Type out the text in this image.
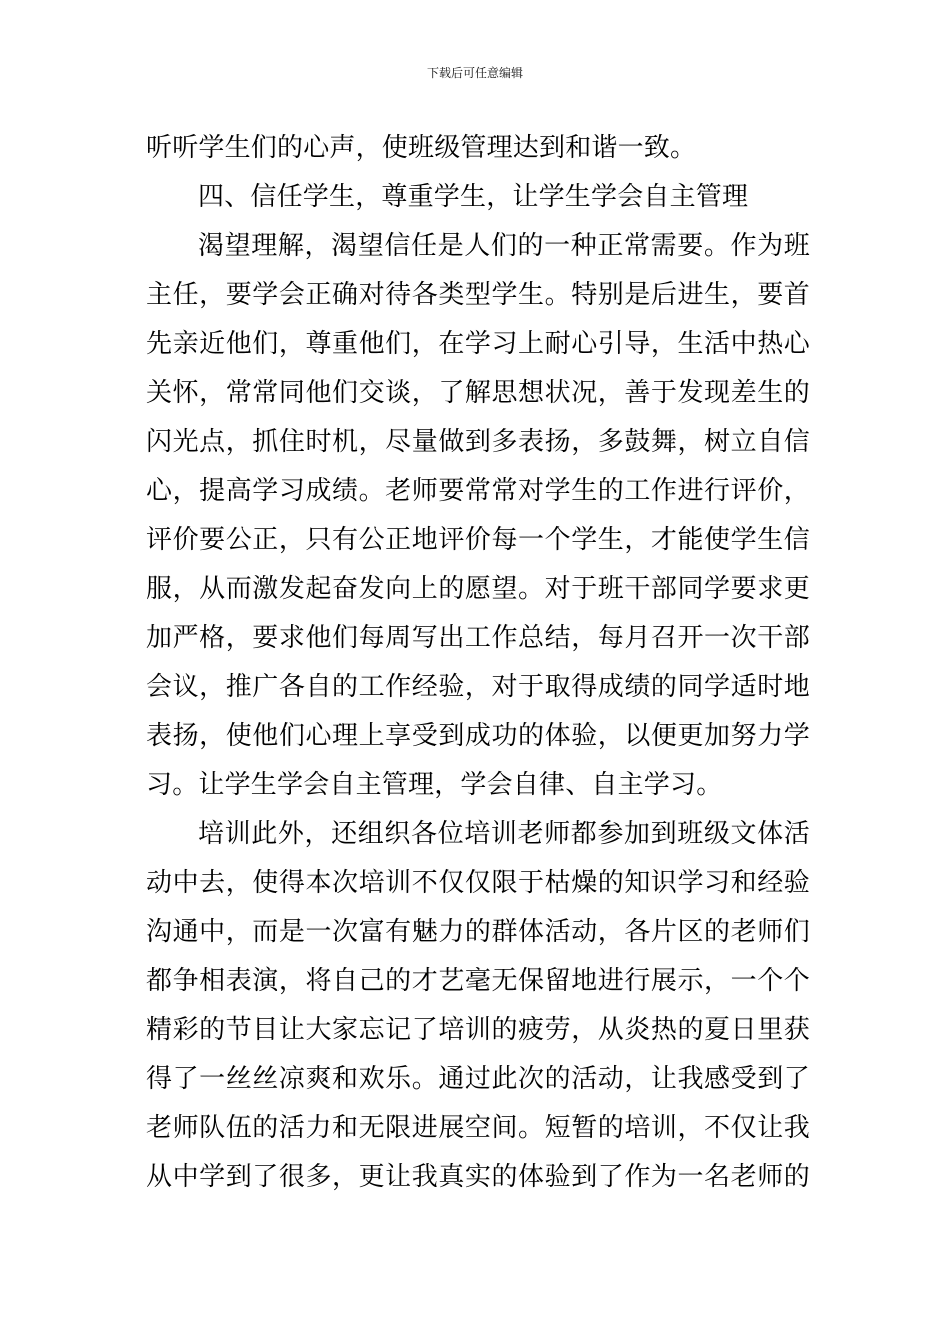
下载后可任意编辑
听听学生们的心声，使班级管理达到和谐一致。
四、信任学生，尊重学生，让学生学会自主管理
渴望理解，渴望信任是人们的一种正常需要。作为班
主任，要学会正确对待各类型学生。特别是后进生，要首
先亲近他们，尊重他们，在学习上耐心引导，生活中热心
关怀，常常同他们交谈，了解思想状况，善于发现差生的
闪光点，抓住时机，尽量做到多表扬，多鼓舞，树立自信
心，提高学习成绩。老师要常常对学生的工作进行评价，
评价要公正，只有公正地评价每一个学生，才能使学生信
服，从而激发起奋发向上的愿望。对于班干部同学要求更
加严格，要求他们每周写出工作总结，每月召开一次干部
会议，推广各自的工作经验，对于取得成绩的同学适时地
表扬，使他们心理上享受到成功的体验，以便更加努力学
习。让学生学会自主管理，学会自律、自主学习。
培训此外，还组织各位培训老师都参加到班级文体活
动中去，使得本次培训不仅仅限于枯燥的知识学习和经验
沟通中，而是一次富有魅力的群体活动，各片区的老师们
都争相表演，将自己的才艺毫无保留地进行展示，一个个
精彩的节目让大家忘记了培训的疲劳，从炎热的夏日里获
得了一丝丝凉爽和欢乐。通过此次的活动，让我感受到了
老师队伍的活力和无限进展空间。短暂的培训，不仅让我
从中学到了很多，更让我真实的体验到了作为一名老师的
